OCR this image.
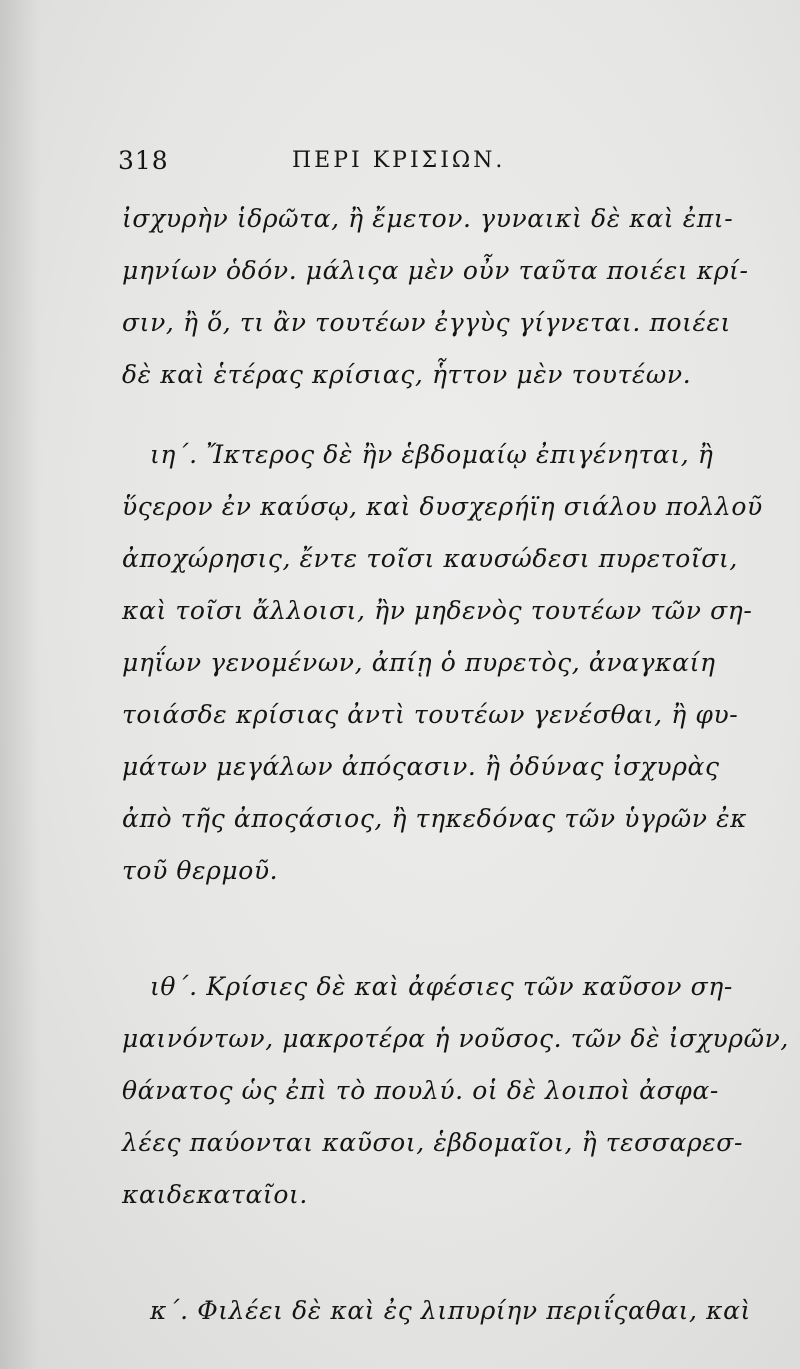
318	ΠΕΡΙ ΚΡΙΣΙΩΝ.
ἰσχυρὴν ἱδρῶτα, ἢ ἔμετον. γυναικὶ δὲ καὶ ἐπι-
μηνίων ὁδόν. μάλιςα μὲν οὖν ταῦτα ποιέει κρί-
σιν, ἢ ὅ, τι ἂν τουτέων ἐγγὺς γίγνεται. ποιέει
δὲ καὶ ἑτέρας κρίσιας, ἧττον μὲν τουτέων.
ιη΄. Ἴκτερος δὲ ἢν ἑβδομαίῳ ἐπιγένηται, ἢ
ὕςερον ἐν καύσῳ, καὶ δυσχερήϊη σιάλου πολλοῦ
ἀποχώρησις, ἔντε τοῖσι καυσώδεσι πυρετοῖσι,
καὶ τοῖσι ἄλλοισι, ἢν μηδενὸς τουτέων τῶν ση-
μηΐων γενομένων, ἀπίῃ ὁ πυρετὸς, ἀναγκαίη
τοιάσδε κρίσιας ἀντὶ τουτέων γενέσθαι, ἢ φυ-
μάτων μεγάλων ἀπόςασιν. ἢ ὀδύνας ἰσχυρὰς
ἀπὸ τῆς ἀποςάσιος, ἢ τηκεδόνας τῶν ὑγρῶν ἐκ
τοῦ θερμοῦ.
ιθ΄. Κρίσιες δὲ καὶ ἀφέσιες τῶν καῦσον ση-
μαινόντων, μακροτέρα ἡ νοῦσος. τῶν δὲ ἰσχυρῶν,
θάνατος ὡς ἐπὶ τὸ πουλύ. οἱ δὲ λοιποὶ ἀσφα-
λέες παύονται καῦσοι, ἑβδομαῖοι, ἢ τεσσαρεσ-
καιδεκαταῖοι.
κ΄. Φιλέει δὲ καὶ ἐς λιπυρίην περιΐςαθαι, καὶ
